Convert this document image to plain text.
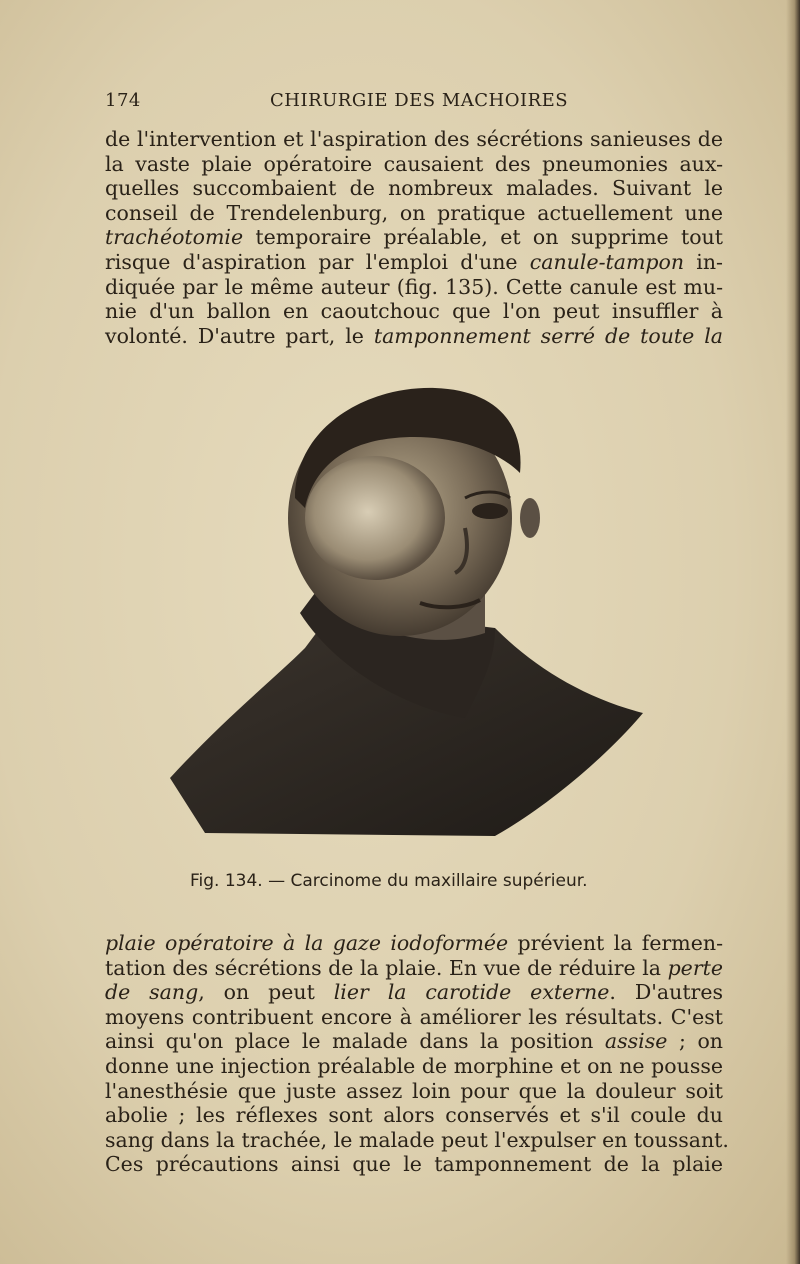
174	CHIRURGIE DES MACHOIRES
de l'intervention et l'aspiration des sécrétions sanieuses de
la vaste plaie opératoire causaient des pneumonies aux-
quelles succombaient de nombreux malades. Suivant le
conseil de Trendelenburg, on pratique actuellement une
trachéotomie temporaire préalable, et on supprime tout
risque d'aspiration par l'emploi d'une canule-tampon in-
diquée par le même auteur (fig. 135). Cette canule est mu-
nie d'un ballon en caoutchouc que l'on peut insuffler à
volonté. D'autre part, le tamponnement serré de toute la
Fig. 134. — Carcinome du maxillaire supérieur.
plaie opératoire à la gaze iodoformée prévient la fermen-
tation des sécrétions de la plaie. En vue de réduire la perte
de sang, on peut lier la carotide externe. D'autres
moyens contribuent encore à améliorer les résultats. C'est
ainsi qu'on place le malade dans la position assise ; on
donne une injection préalable de morphine et on ne pousse
l'anesthésie que juste assez loin pour que la douleur soit
abolie ; les réflexes sont alors conservés et s'il coule du
sang dans la trachée, le malade peut l'expulser en toussant.
Ces précautions ainsi que le tamponnement de la plaie
